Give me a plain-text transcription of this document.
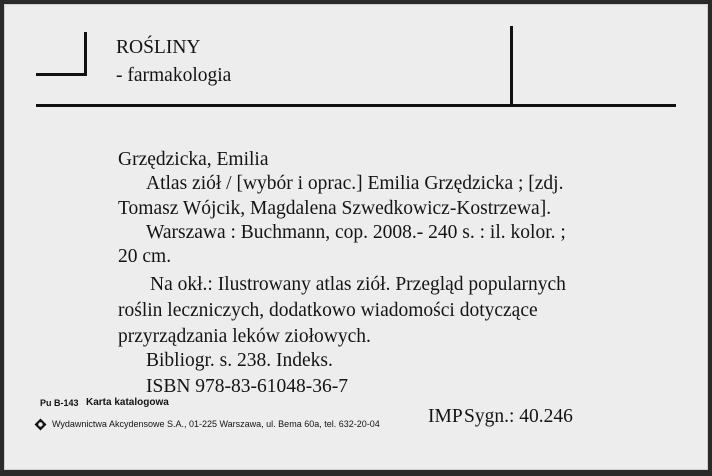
ROŚLINY
- farmakologia
Grzędzicka, Emilia
Atlas ziół / [wybór i oprac.] Emilia Grzędzicka ; [zdj.
Tomasz Wójcik, Magdalena Szwedkowicz-Kostrzewa].
Warszawa : Buchmann, cop. 2008.- 240 s. : il. kolor. ;
20 cm.
Na okł.: Ilustrowany atlas ziół. Przegląd popularnych
roślin leczniczych, dodatkowo wiadomości dotyczące
przyrządzania leków ziołowych.
Bibliogr. s. 238. Indeks.
ISBN 978-83-61048-36-7
Pu B-143 Karta katalogowa
Wydawnictwa Akcydensowe S.A., 01-225 Warszawa, ul. Bema 60a, tel. 632-20-04 IMP Sygn.: 40.246
